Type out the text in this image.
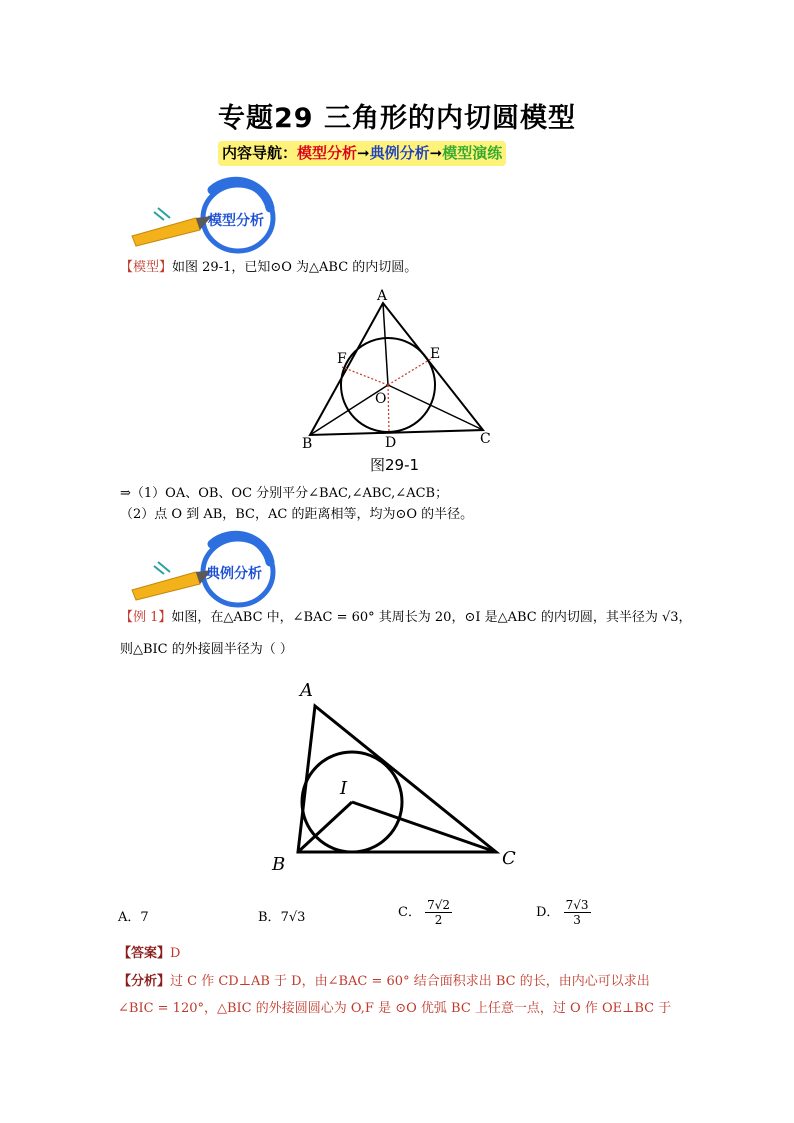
专题29 三角形的内切圆模型
内容导航：模型分析➞典例分析➞模型演练
模型分析
【模型】如图 29-1，已知⊙O 为△ABC 的内切圆。
A
B	C
D
E
F
O
图29-1
⇒（1）OA、OB、OC 分别平分∠BAC,∠ABC,∠ACB；
（2）点 O 到 AB，BC，AC 的距离相等，均为⊙O 的半径。
典例分析
【例 1】如图，在△ABC 中，∠BAC = 60° 其周长为 20，⊙I 是△ABC 的内切圆，其半径为 √3，
则△BIC 的外接圆半径为（ ）
A
B	C
I
A．7	B．7√3	C． $\frac{7√2}{2}$	D． $\frac{7√3}{3}$
【答案】D
【分析】过 C 作 CD⊥AB 于 D，由∠BAC = 60° 结合面积求出 BC 的长，由内心可以求出
∠BIC = 120°，△BIC 的外接圆圆心为 O,F 是 ⊙O 优弧 BC 上任意一点，过 O 作 OE⊥BC 于
